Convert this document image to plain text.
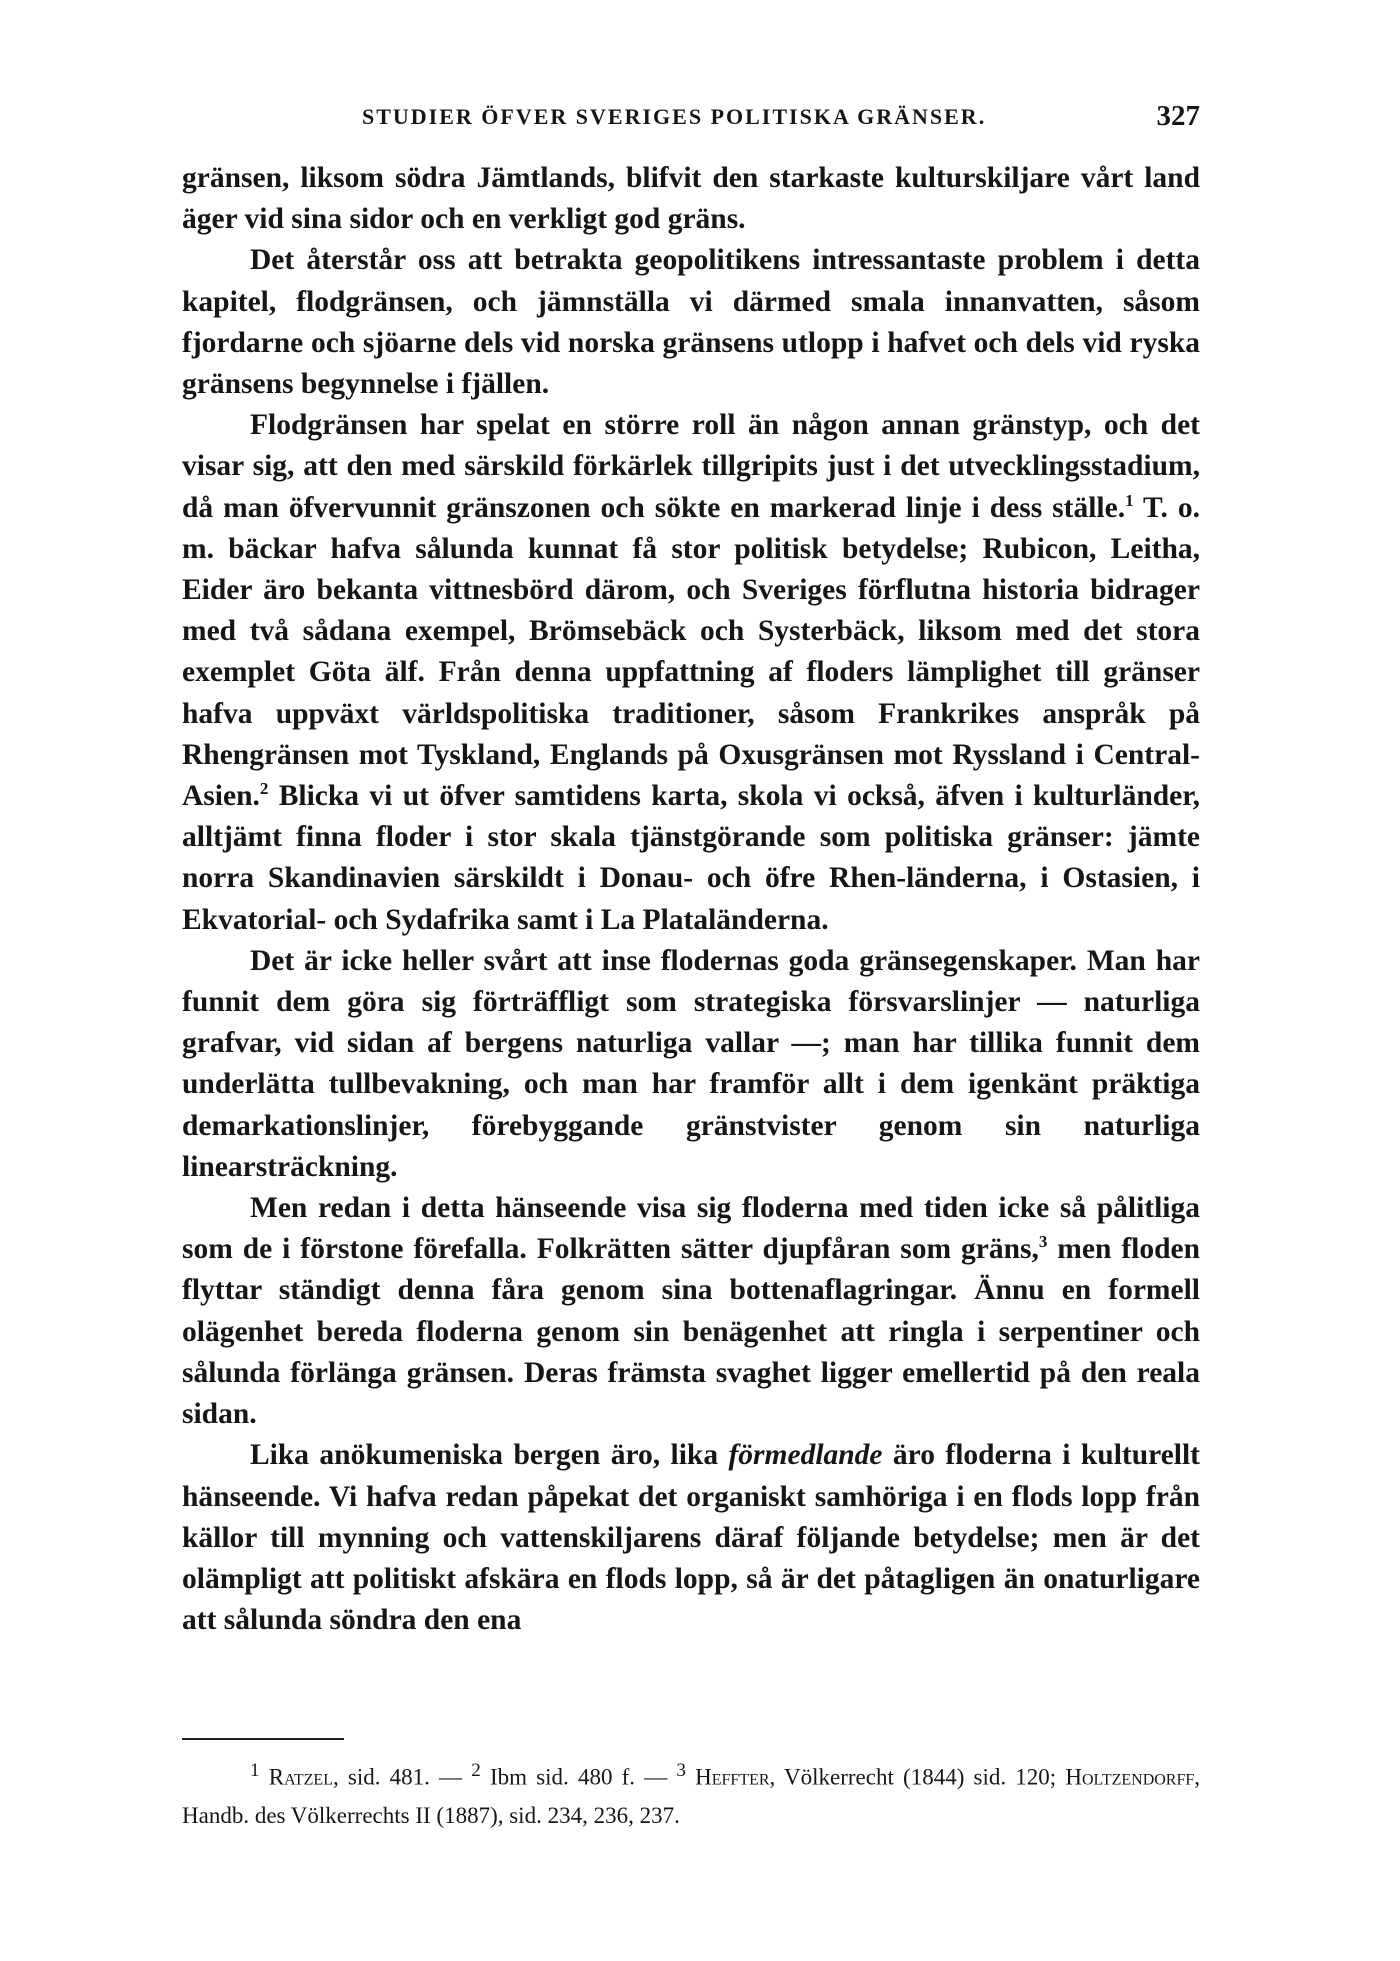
STUDIER ÖFVER SVERIGES POLITISKA GRÄNSER.	327

gränsen, liksom södra Jämtlands, blifvit den starkaste kulturskiljare vårt land äger vid sina sidor och en verkligt god gräns.

Det återstår oss att betrakta geopolitikens intressantaste problem i detta kapitel, flodgränsen, och jämnställa vi därmed smala innanvatten, såsom fjordarne och sjöarne dels vid norska gränsens utlopp i hafvet och dels vid ryska gränsens begynnelse i fjällen.

Flodgränsen har spelat en större roll än någon annan gränstyp, och det visar sig, att den med särskild förkärlek tillgripits just i det utvecklingsstadium, då man öfvervunnit gränszonen och sökte en markerad linje i dess ställe.$^1$ T. o. m. bäckar hafva sålunda kunnat få stor politisk betydelse; Rubicon, Leitha, Eider äro bekanta vittnesbörd därom, och Sveriges förflutna historia bidrager med två sådana exempel, Brömsebäck och Systerbäck, liksom med det stora exemplet Göta älf. Från denna uppfattning af floders lämplighet till gränser hafva uppväxt världspolitiska traditioner, såsom Frankrikes anspråk på Rhengränsen mot Tyskland, Englands på Oxusgränsen mot Ryssland i Central-Asien.$^2$ Blicka vi ut öfver samtidens karta, skola vi också, äfven i kulturländer, alltjämt finna floder i stor skala tjänstgörande som politiska gränser: jämte norra Skandinavien särskildt i Donau- och öfre Rhen-länderna, i Ostasien, i Ekvatorial- och Sydafrika samt i La Plataländerna.

Det är icke heller svårt att inse flodernas goda gränsegenskaper. Man har funnit dem göra sig förträffligt som strategiska försvarslinjer — naturliga grafvar, vid sidan af bergens naturliga vallar —; man har tillika funnit dem underlätta tullbevakning, och man har framför allt i dem igenkänt präktiga demarkationslinjer, förebyggande gränstvister genom sin naturliga linearsträckning.

Men redan i detta hänseende visa sig floderna med tiden icke så pålitliga som de i förstone förefalla. Folkrätten sätter djupfåran som gräns,$^3$ men floden flyttar ständigt denna fåra genom sina bottenaflagringar. Ännu en formell olägenhet bereda floderna genom sin benägenhet att ringla i serpentiner och sålunda förlänga gränsen. Deras främsta svaghet ligger emellertid på den reala sidan.

Lika anökumeniska bergen äro, lika förmedlande äro floderna i kulturellt hänseende. Vi hafva redan påpekat det organiskt samhöriga i en flods lopp från källor till mynning och vattenskiljarens däraf följande betydelse; men är det olämpligt att politiskt afskära en flods lopp, så är det påtagligen än onaturligare att sålunda söndra den ena

$^1$ Ratzel, sid. 481. — $^2$ Ibm sid. 480 f. — $^3$ Heffter, Völkerrecht (1844) sid. 120; Holtzendorff, Handb. des Völkerrechts II (1887), sid. 234, 236, 237.
